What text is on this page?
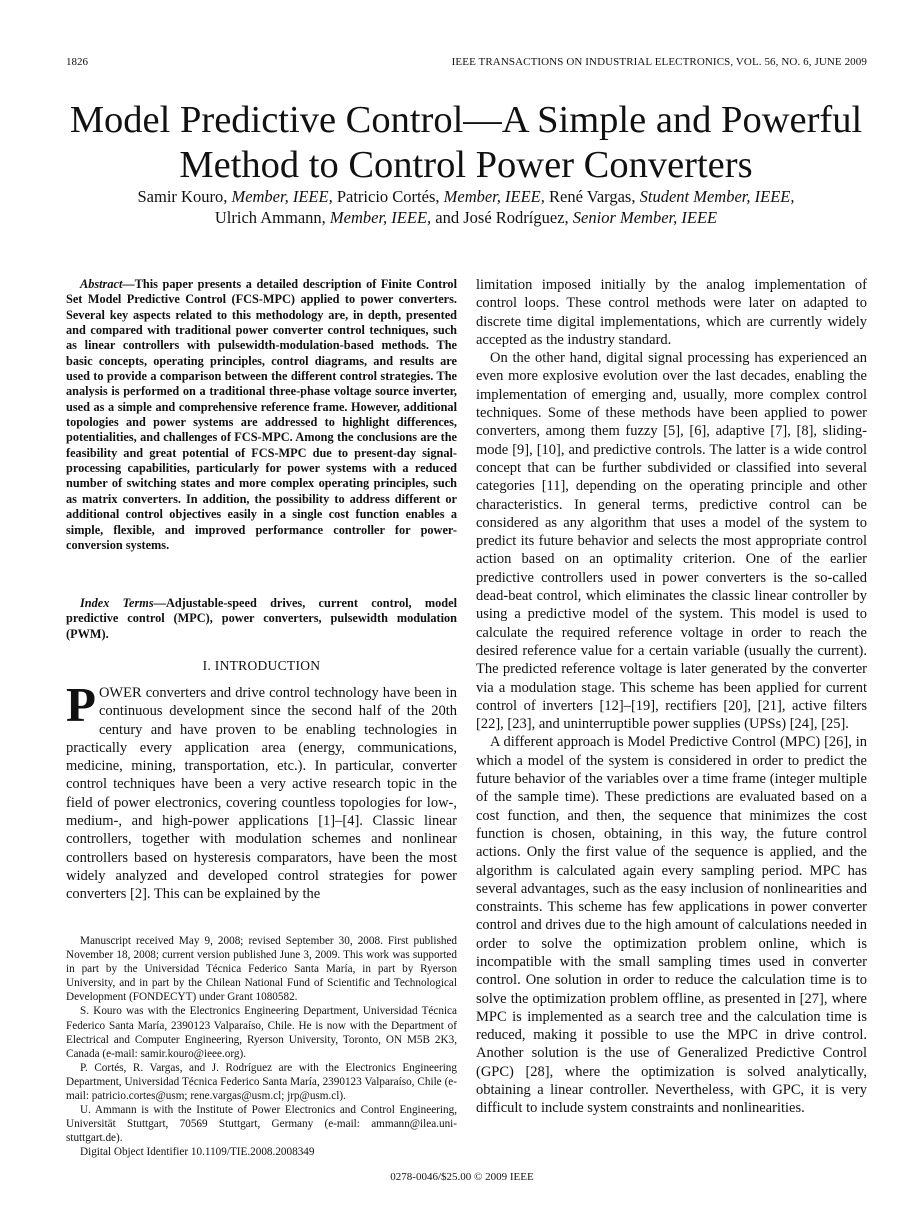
1826	IEEE TRANSACTIONS ON INDUSTRIAL ELECTRONICS, VOL. 56, NO. 6, JUNE 2009
Model Predictive Control—A Simple and Powerful
Method to Control Power Converters
Samir Kouro, Member, IEEE, Patricio Cortés, Member, IEEE, René Vargas, Student Member, IEEE,
Ulrich Ammann, Member, IEEE, and José Rodríguez, Senior Member, IEEE
Abstract—This paper presents a detailed description of Finite Control Set Model Predictive Control (FCS-MPC) applied to power converters. Several key aspects related to this methodology are, in depth, presented and compared with traditional power converter control techniques, such as linear controllers with pulsewidth-modulation-based methods. The basic concepts, operating principles, control diagrams, and results are used to provide a comparison between the different control strategies. The analysis is performed on a traditional three-phase voltage source inverter, used as a simple and comprehensive reference frame. However, additional topologies and power systems are addressed to highlight differences, potentialities, and challenges of FCS-MPC. Among the conclusions are the feasibility and great potential of FCS-MPC due to present-day signal-processing capabilities, particularly for power systems with a reduced number of switching states and more complex operating principles, such as matrix converters. In addition, the possibility to address different or additional control objectives easily in a single cost function enables a simple, flexible, and improved performance controller for power-conversion systems.
Index Terms—Adjustable-speed drives, current control, model predictive control (MPC), power converters, pulsewidth modulation (PWM).
I. INTRODUCTION
POWER converters and drive control technology have been in continuous development since the second half of the 20th century and have proven to be enabling technologies in practically every application area (energy, communications, medicine, mining, transportation, etc.). In particular, converter control techniques have been a very active research topic in the field of power electronics, covering countless topologies for low-, medium-, and high-power applications [1]–[4]. Classic linear controllers, together with modulation schemes and nonlinear controllers based on hysteresis comparators, have been the most widely analyzed and developed control strategies for power converters [2]. This can be explained by the

Manuscript received May 9, 2008; revised September 30, 2008. First published November 18, 2008; current version published June 3, 2009. This work was supported in part by the Universidad Técnica Federico Santa María, in part by Ryerson University, and in part by the Chilean National Fund of Scientific and Technological Development (FONDECYT) under Grant 1080582.

S. Kouro was with the Electronics Engineering Department, Universidad Técnica Federico Santa María, 2390123 Valparaíso, Chile. He is now with the Department of Electrical and Computer Engineering, Ryerson University, Toronto, ON M5B 2K3, Canada (e-mail: samir.kouro@ieee.org).

P. Cortés, R. Vargas, and J. Rodríguez are with the Electronics Engineering Department, Universidad Técnica Federico Santa María, 2390123 Valparaíso, Chile (e-mail: patricio.cortes@usm; rene.vargas@usm.cl; jrp@usm.cl).

U. Ammann is with the Institute of Power Electronics and Control Engineering, Universität Stuttgart, 70569 Stuttgart, Germany (e-mail: ammann@ilea.uni-stuttgart.de).

Digital Object Identifier 10.1109/TIE.2008.2008349

limitation imposed initially by the analog implementation of control loops. These control methods were later on adapted to discrete time digital implementations, which are currently widely accepted as the industry standard.

On the other hand, digital signal processing has experienced an even more explosive evolution over the last decades, enabling the implementation of emerging and, usually, more complex control techniques. Some of these methods have been applied to power converters, among them fuzzy [5], [6], adaptive [7], [8], sliding-mode [9], [10], and predictive controls. The latter is a wide control concept that can be further subdivided or classified into several categories [11], depending on the operating principle and other characteristics. In general terms, predictive control can be considered as any algorithm that uses a model of the system to predict its future behavior and selects the most appropriate control action based on an optimality criterion. One of the earlier predictive controllers used in power converters is the so-called dead-beat control, which eliminates the classic linear controller by using a predictive model of the system. This model is used to calculate the required reference voltage in order to reach the desired reference value for a certain variable (usually the current). The predicted reference voltage is later generated by the converter via a modulation stage. This scheme has been applied for current control of inverters [12]–[19], rectifiers [20], [21], active filters [22], [23], and uninterruptible power supplies (UPSs) [24], [25].

A different approach is Model Predictive Control (MPC) [26], in which a model of the system is considered in order to predict the future behavior of the variables over a time frame (integer multiple of the sample time). These predictions are evaluated based on a cost function, and then, the sequence that minimizes the cost function is chosen, obtaining, in this way, the future control actions. Only the first value of the sequence is applied, and the algorithm is calculated again every sampling period. MPC has several advantages, such as the easy inclusion of nonlinearities and constraints. This scheme has few applications in power converter control and drives due to the high amount of calculations needed in order to solve the optimization problem online, which is incompatible with the small sampling times used in converter control. One solution in order to reduce the calculation time is to solve the optimization problem offline, as presented in [27], where MPC is implemented as a search tree and the calculation time is reduced, making it possible to use the MPC in drive control. Another solution is the use of Generalized Predictive Control (GPC) [28], where the optimization is solved analytically, obtaining a linear controller. Nevertheless, with GPC, it is very difficult to include system constraints and nonlinearities.

0278-0046/$25.00 © 2009 IEEE
